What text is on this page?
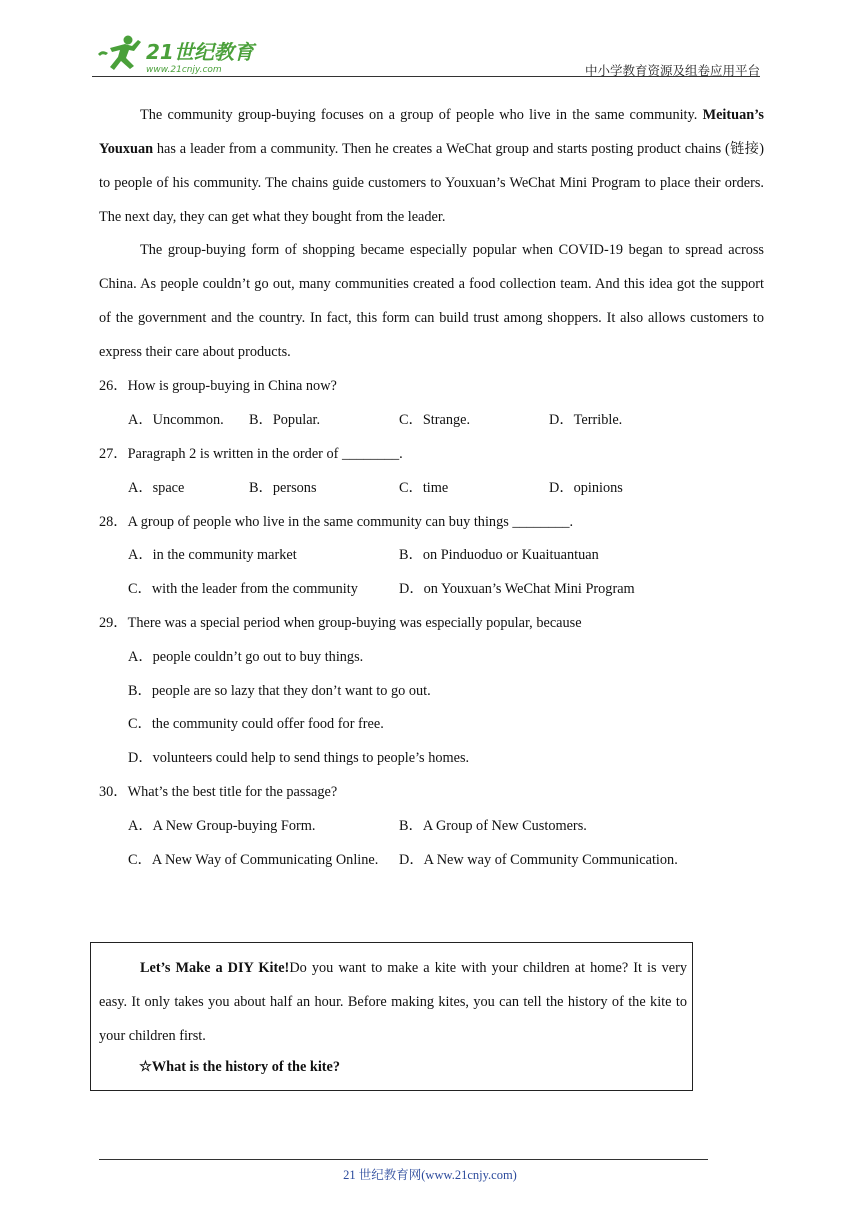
21世纪教育
www.21cnjy.com	中小学教育资源及组卷应用平台

The community group-buying focuses on a group of people who live in the same community. Meituan’s Youxuan has a leader from a community. Then he creates a WeChat group and starts posting product chains (链接) to people of his community. The chains guide customers to Youxuan’s WeChat Mini Program to place their orders. The next day, they can get what they bought from the leader.

The group-buying form of shopping became especially popular when COVID-19 began to spread across China. As people couldn’t go out, many communities created a food collection team. And this idea got the support of the government and the country. In fact, this form can build trust among shoppers. It also allows customers to express their care about products.

26．How is group-buying in China now?
A．Uncommon. B．Popular.	C．Strange.	D．Terrible.
27．Paragraph 2 is written in the order of ________.
A．space	B．persons	C．time	D．opinions
28．A group of people who live in the same community can buy things ________.
A．in the community market	B．on Pinduoduo or Kuaituantuan
C．with the leader from the community	D．on Youxuan’s WeChat Mini Program
29．There was a special period when group-buying was especially popular, because
A．people couldn’t go out to buy things.
B．people are so lazy that they don’t want to go out.
C．the community could offer food for free.
D．volunteers could help to send things to people’s homes.
30．What’s the best title for the passage?
A．A New Group-buying Form.	B．A Group of New Customers.
C．A New Way of Communicating Online. D．A New way of Community Communication.

Let’s Make a DIY Kite!Do you want to make a kite with your children at home? It is very easy. It only takes you about half an hour. Before making kites, you can tell the history of the kite to your children first.

☆What is the history of the kite?
21 世纪教育网(www.21cnjy.com)
